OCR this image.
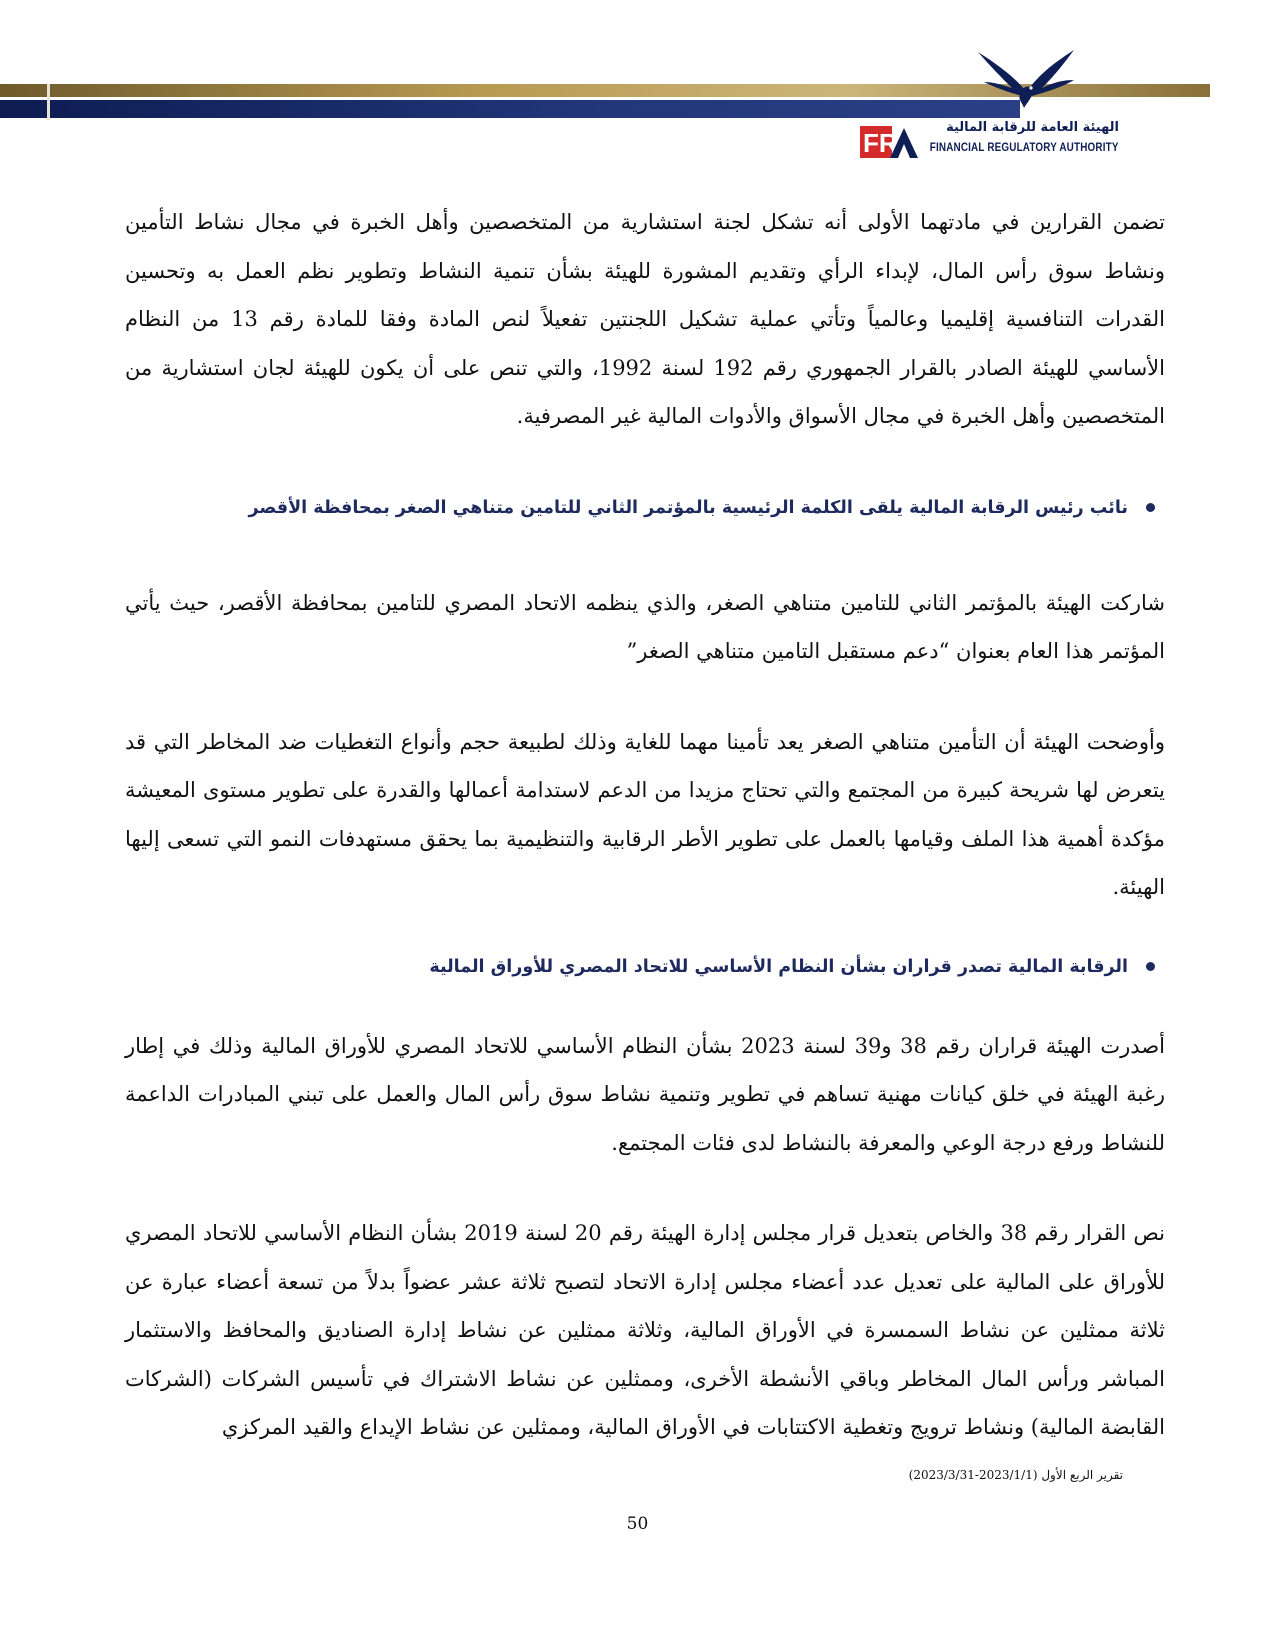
FR
الهيئة العامة للرقابة المالية
FINANCIAL REGULATORY AUTHORITY

تضمن القرارين في مادتهما الأولى أنه تشكل لجنة استشارية من المتخصصين وأهل الخبرة في مجال نشاط التأمين ونشاط سوق رأس المال، لإبداء الرأي وتقديم المشورة للهيئة بشأن تنمية النشاط وتطوير نظم العمل به وتحسين القدرات التنافسية إقليميا وعالمياً وتأتي عملية تشكيل اللجنتين تفعيلاً لنص المادة وفقا للمادة رقم 13 من النظام الأساسي للهيئة الصادر بالقرار الجمهوري رقم 192 لسنة 1992، والتي تنص على أن يكون للهيئة لجان استشارية من المتخصصين وأهل الخبرة في مجال الأسواق والأدوات المالية غير المصرفية.

نائب رئيس الرقابة المالية يلقى الكلمة الرئيسية بالمؤتمر الثاني للتامين متناهي الصغر بمحافظة الأقصر

شاركت الهيئة بالمؤتمر الثاني للتامين متناهي الصغر، والذي ينظمه الاتحاد المصري للتامين بمحافظة الأقصر، حيث يأتي المؤتمر هذا العام بعنوان “دعم مستقبل التامين متناهي الصغر”

وأوضحت الهيئة أن التأمين متناهي الصغر يعد تأمينا مهما للغاية وذلك لطبيعة حجم وأنواع التغطيات ضد المخاطر التي قد يتعرض لها شريحة كبيرة من المجتمع والتي تحتاج مزيدا من الدعم لاستدامة أعمالها والقدرة على تطوير مستوى المعيشة مؤكدة أهمية هذا الملف وقيامها بالعمل على تطوير الأطر الرقابية والتنظيمية بما يحقق مستهدفات النمو التي تسعى إليها الهيئة.

الرقابة المالية تصدر قراران بشأن النظام الأساسي للاتحاد المصري للأوراق المالية

أصدرت الهيئة قراران رقم 38 و39 لسنة 2023 بشأن النظام الأساسي للاتحاد المصري للأوراق المالية وذلك في إطار رغبة الهيئة في خلق كيانات مهنية تساهم في تطوير وتنمية نشاط سوق رأس المال والعمل على تبني المبادرات الداعمة للنشاط ورفع درجة الوعي والمعرفة بالنشاط لدى فئات المجتمع.

نص القرار رقم 38 والخاص بتعديل قرار مجلس إدارة الهيئة رقم 20 لسنة 2019 بشأن النظام الأساسي للاتحاد المصري للأوراق على المالية على تعديل عدد أعضاء مجلس إدارة الاتحاد لتصبح ثلاثة عشر عضواً بدلاً من تسعة أعضاء عبارة عن ثلاثة ممثلين عن نشاط السمسرة في الأوراق المالية، وثلاثة ممثلين عن نشاط إدارة الصناديق والمحافظ والاستثمار المباشر ورأس المال المخاطر وباقي الأنشطة الأخرى، وممثلين عن نشاط الاشتراك في تأسيس الشركات (الشركات القابضة المالية) ونشاط ترويج وتغطية الاكتتابات في الأوراق المالية، وممثلين عن نشاط الإيداع والقيد المركزي

تقرير الربع الأول (2023/1/1-2023/3/31)
50
